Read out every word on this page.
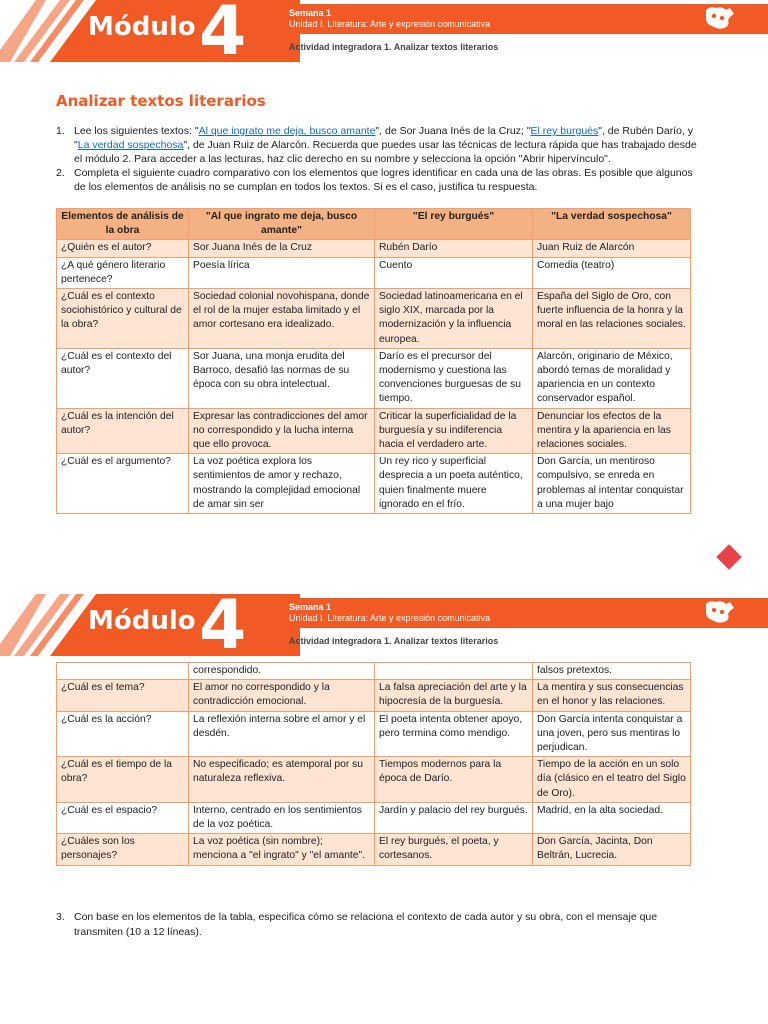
Módulo 4	Semana 1
Unidad I. Literatura: Arte y expresión comunicativa
Actividad integradora 1. Analizar textos literarios
Analizar textos literarios
1. Lee los siguientes textos: "Al que ingrato me deja, busco amante", de Sor Juana Inés de la Cruz; "El rey burgués", de Rubén Darío, y "La verdad sospechosa", de Juan Ruiz de Alarcón. Recuerda que puedes usar las técnicas de lectura rápida que has trabajado desde el módulo 2. Para acceder a las lecturas, haz clic derecho en su nombre y selecciona la opción "Abrir hipervínculo".
2. Completa el siguiente cuadro comparativo con los elementos que logres identificar en cada una de las obras. Es posible que algunos de los elementos de análisis no se cumplan en todos los textos. Si es el caso, justifica tu respuesta.
Elementos de análisis de la obra	"Al que ingrato me deja, busco amante"	"El rey burgués"	"La verdad sospechosa"
¿Quién es el autor?	Sor Juana Inés de la Cruz	Rubén Darío	Juan Ruiz de Alarcón
¿A qué género literario pertenece?	Poesía lírica	Cuento	Comedia (teatro)
¿Cuál es el contexto sociohistórico y cultural de la obra?	Sociedad colonial novohispana, donde el rol de la mujer estaba limitado y el amor cortesano era idealizado.	Sociedad latinoamericana en el siglo XIX, marcada por la modernización y la influencia europea.	España del Siglo de Oro, con fuerte influencia de la honra y la moral en las relaciones sociales.
¿Cuál es el contexto del autor?	Sor Juana, una monja erudita del Barroco, desafió las normas de su época con su obra intelectual.	Darío es el precursor del modernismo y cuestiona las convenciones burguesas de su tiempo.	Alarcón, originario de México, abordó temas de moralidad y apariencia en un contexto conservador español.
¿Cuál es la intención del autor?	Expresar las contradicciones del amor no correspondido y la lucha interna que ello provoca.	Criticar la superficialidad de la burguesía y su indiferencia hacia el verdadero arte.	Denunciar los efectos de la mentira y la apariencia en las relaciones sociales.
¿Cuál es el argumento?	La voz poética explora los sentimientos de amor y rechazo, mostrando la complejidad emocional de amar sin ser	Un rey rico y superficial desprecia a un poeta auténtico, quien finalmente muere ignorado en el frío.	Don García, un mentiroso compulsivo, se enreda en problemas al intentar conquistar a una mujer bajo
Módulo 4	Semana 1
Unidad I. Literatura: Arte y expresión comunicativa
Actividad integradora 1. Analizar textos literarios
	correspondido.		falsos pretextos.
¿Cuál es el tema?	El amor no correspondido y la contradicción emocional.	La falsa apreciación del arte y la hipocresía de la burguesía.	La mentira y sus consecuencias en el honor y las relaciones.
¿Cuál es la acción?	La reflexión interna sobre el amor y el desdén.	El poeta intenta obtener apoyo, pero termina como mendigo.	Don García intenta conquistar a una joven, pero sus mentiras lo perjudican.
¿Cuál es el tiempo de la obra?	No especificado; es atemporal por su naturaleza reflexiva.	Tiempos modernos para la época de Darío.	Tiempo de la acción en un solo día (clásico en el teatro del Siglo de Oro).
¿Cuál es el espacio?	Interno, centrado en los sentimientos de la voz poética.	Jardín y palacio del rey burgués.	Madrid, en la alta sociedad.
¿Cuáles son los personajes?	La voz poética (sin nombre); menciona a "el ingrato" y "el amante".	El rey burgués, el poeta, y cortesanos.	Don García, Jacinta, Don Beltrán, Lucrecia.
3. Con base en los elementos de la tabla, especifica cómo se relaciona el contexto de cada autor y su obra, con el mensaje que transmiten (10 a 12 líneas).
